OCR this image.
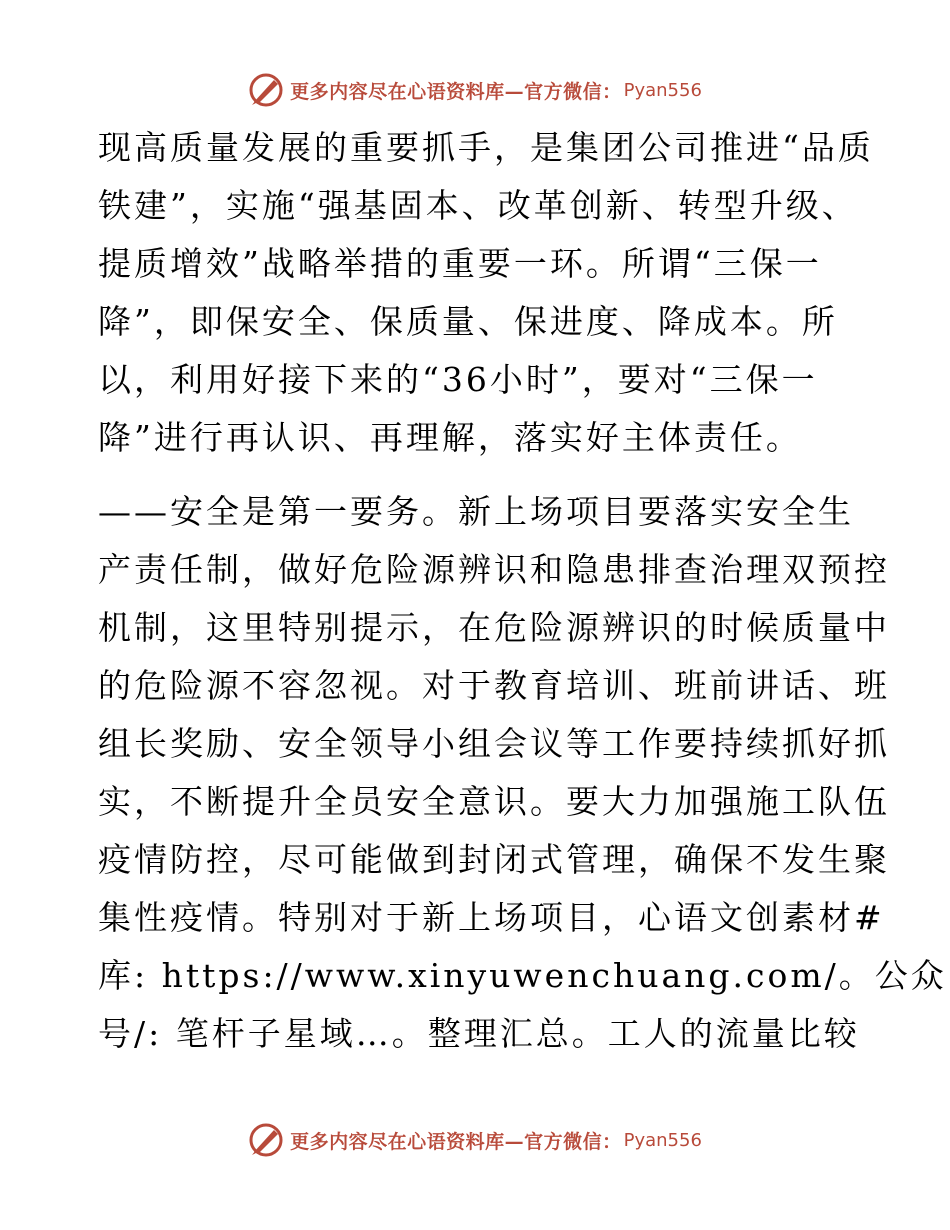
更多内容尽在心语资料库—官方微信： Pyan556
现高质量发展的重要抓手，是集团公司推进“品质
铁建”，实施“强基固本、改革创新、转型升级、
提质增效”战略举措的重要一环。所谓“三保一
降”，即保安全、保质量、保进度、降成本。所
以，利用好接下来的“36小时”，要对“三保一
降”进行再认识、再理解，落实好主体责任。
——安全是第一要务。新上场项目要落实安全生
产责任制，做好危险源辨识和隐患排查治理双预控
机制，这里特别提示，在危险源辨识的时候质量中
的危险源不容忽视。对于教育培训、班前讲话、班
组长奖励、安全领导小组会议等工作要持续抓好抓
实，不断提升全员安全意识。要大力加强施工队伍
疫情防控，尽可能做到封闭式管理，确保不发生聚
集性疫情。特别对于新上场项目，心语文创素材#
库: https://www.xinyuwenchuang.com/。公众
号/: 笔杆子星域…。整理汇总。工人的流量比较
更多内容尽在心语资料库—官方微信： Pyan556
